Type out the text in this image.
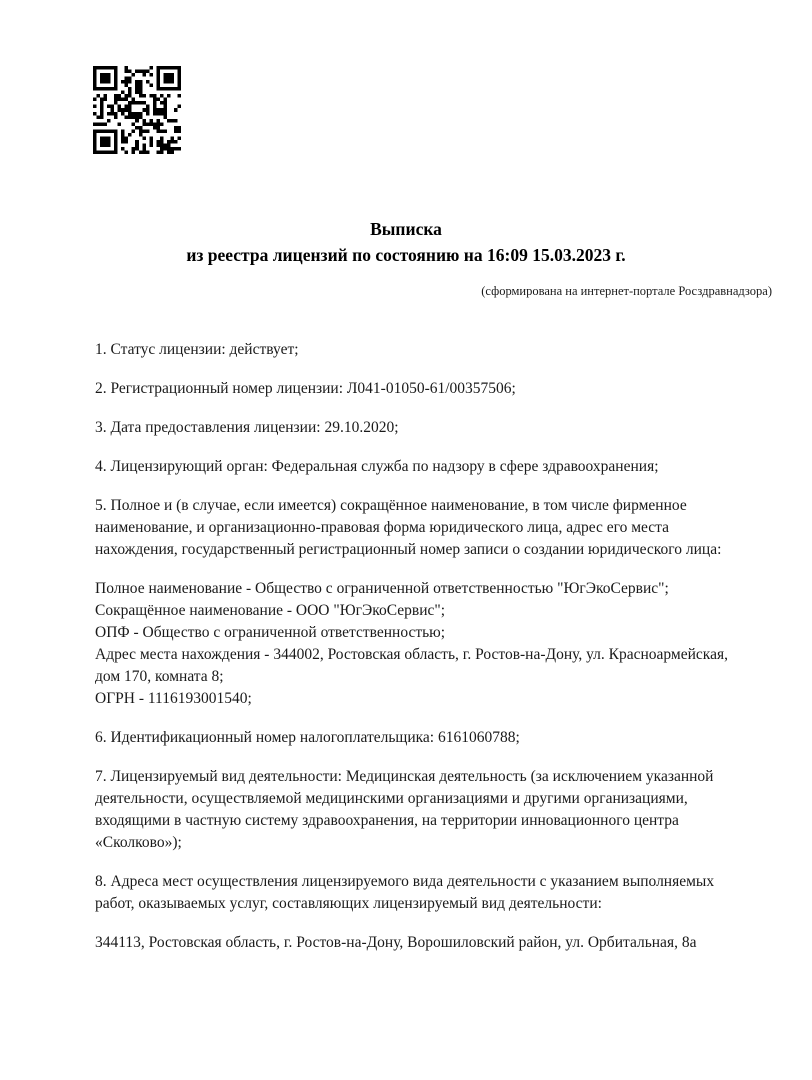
Выписка
из реестра лицензий по состоянию на 16:09 15.03.2023 г.
(сформирована на интернет-портале Росздравнадзора)

1. Статус лицензии: действует;

2. Регистрационный номер лицензии: Л041-01050-61/00357506;

3. Дата предоставления лицензии: 29.10.2020;

4. Лицензирующий орган: Федеральная служба по надзору в сфере здравоохранения;

5. Полное и (в случае, если имеется) сокращённое наименование, в том числе фирменное наименование, и организационно-правовая форма юридического лица, адрес его места нахождения, государственный регистрационный номер записи о создании юридического лица:

Полное наименование - Общество с ограниченной ответственностью "ЮгЭкоСервис";
Сокращённое наименование - ООО "ЮгЭкоСервис";
ОПФ - Общество с ограниченной ответственностью;
Адрес места нахождения - 344002, Ростовская область, г. Ростов-на-Дону, ул. Красноармейская, дом 170, комната 8;
ОГРН - 1116193001540;

6. Идентификационный номер налогоплательщика: 6161060788;

7. Лицензируемый вид деятельности: Медицинская деятельность (за исключением указанной деятельности, осуществляемой медицинскими организациями и другими организациями, входящими в частную систему здравоохранения, на территории инновационного центра «Сколково»);

8. Адреса мест осуществления лицензируемого вида деятельности с указанием выполняемых работ, оказываемых услуг, составляющих лицензируемый вид деятельности:

344113, Ростовская область, г. Ростов-на-Дону, Ворошиловский район, ул. Орбитальная, 8а
